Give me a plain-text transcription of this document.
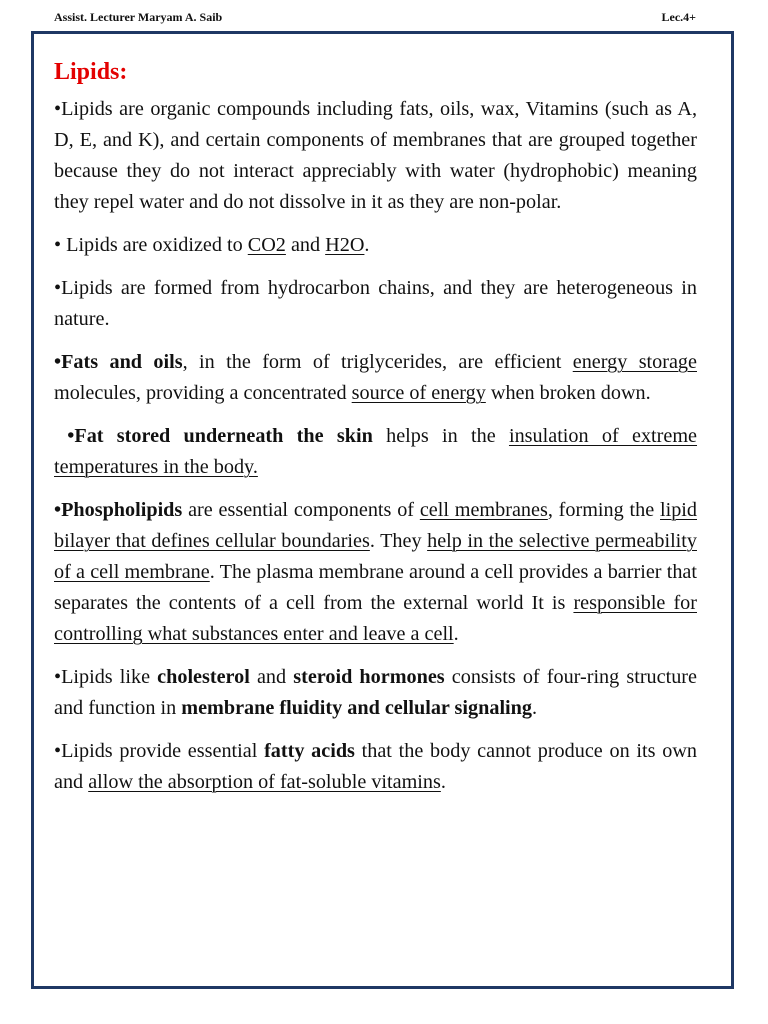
Assist. Lecturer Maryam A. Saib	Lec.4+
Lipids:

•Lipids are organic compounds including fats, oils, wax, Vitamins (such as A, D, E, and K), and certain components of membranes that are grouped together because they do not interact appreciably with water (hydrophobic) meaning they repel water and do not dissolve in it as they are non-polar.

• Lipids are oxidized to CO2 and H2O.

•Lipids are formed from hydrocarbon chains, and they are heterogeneous in nature.

•Fats and oils, in the form of triglycerides, are efficient energy storage molecules, providing a concentrated source of energy when broken down.

•Fat stored underneath the skin helps in the insulation of extreme temperatures in the body.

•Phospholipids are essential components of cell membranes, forming the lipid bilayer that defines cellular boundaries. They help in the selective permeability of a cell membrane. The plasma membrane around a cell provides a barrier that separates the contents of a cell from the external world It is responsible for controlling what substances enter and leave a cell.

•Lipids like cholesterol and steroid hormones consists of four-ring structure and function in membrane fluidity and cellular signaling.

•Lipids provide essential fatty acids that the body cannot produce on its own and allow the absorption of fat-soluble vitamins.
